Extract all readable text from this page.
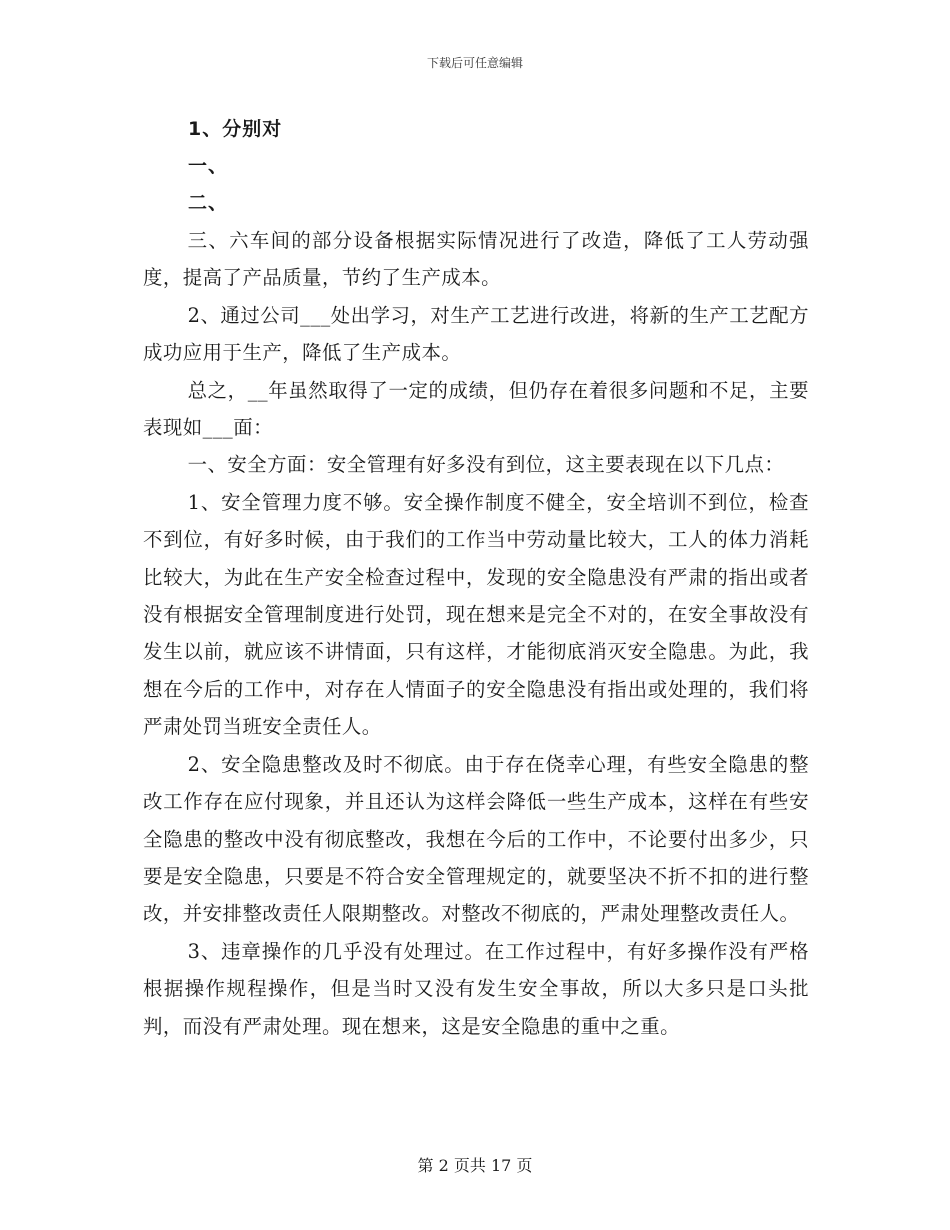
下载后可任意编辑

1、分别对

一、

二、

三、六车间的部分设备根据实际情况进行了改造，降低了工人劳动强度，提高了产品质量，节约了生产成本。

2、通过公司___处出学习，对生产工艺进行改进，将新的生产工艺配方成功应用于生产，降低了生产成本。

总之，__年虽然取得了一定的成绩，但仍存在着很多问题和不足，主要表现如___面：

一、安全方面：安全管理有好多没有到位，这主要表现在以下几点：

1、安全管理力度不够。安全操作制度不健全，安全培训不到位，检查不到位，有好多时候，由于我们的工作当中劳动量比较大，工人的体力消耗比较大，为此在生产安全检查过程中，发现的安全隐患没有严肃的指出或者没有根据安全管理制度进行处罚，现在想来是完全不对的，在安全事故没有发生以前，就应该不讲情面，只有这样，才能彻底消灭安全隐患。为此，我想在今后的工作中，对存在人情面子的安全隐患没有指出或处理的，我们将严肃处罚当班安全责任人。

2、安全隐患整改及时不彻底。由于存在侥幸心理，有些安全隐患的整改工作存在应付现象，并且还认为这样会降低一些生产成本，这样在有些安全隐患的整改中没有彻底整改，我想在今后的工作中，不论要付出多少，只要是安全隐患，只要是不符合安全管理规定的，就要坚决不折不扣的进行整改，并安排整改责任人限期整改。对整改不彻底的，严肃处理整改责任人。

3、违章操作的几乎没有处理过。在工作过程中，有好多操作没有严格根据操作规程操作，但是当时又没有发生安全事故，所以大多只是口头批判，而没有严肃处理。现在想来，这是安全隐患的重中之重。

第 2 页共 17 页
